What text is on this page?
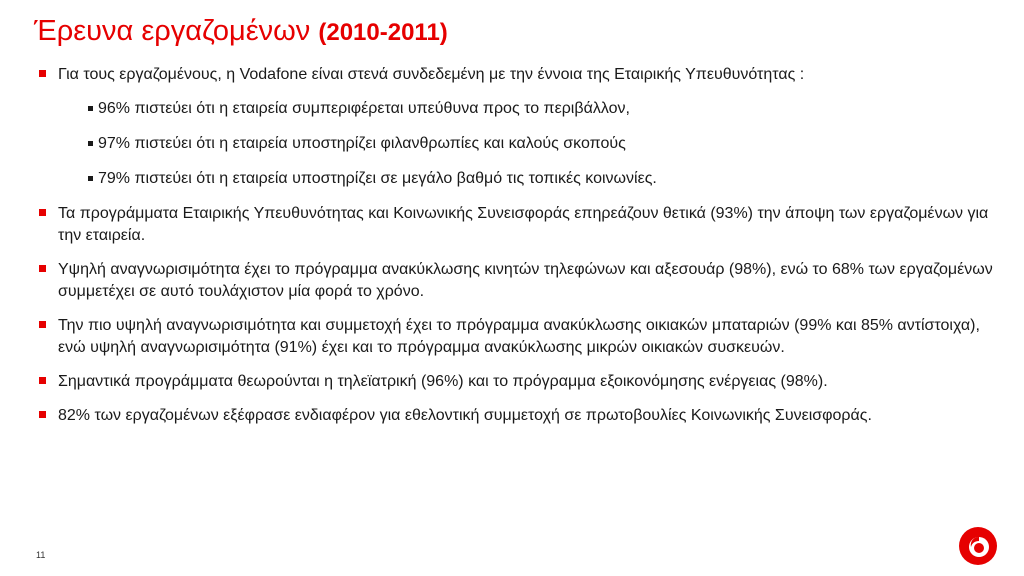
Έρευνα εργαζομένων (2010-2011)
Για τους εργαζομένους, η Vodafone είναι στενά συνδεδεμένη με την έννοια της Εταιρικής Υπευθυνότητας :
96% πιστεύει ότι η εταιρεία συμπεριφέρεται υπεύθυνα προς το περιβάλλον,
97% πιστεύει ότι η εταιρεία υποστηρίζει φιλανθρωπίες και καλούς σκοπούς
79% πιστεύει ότι η εταιρεία υποστηρίζει σε μεγάλο βαθμό τις τοπικές κοινωνίες.
Τα προγράμματα Εταιρικής Υπευθυνότητας και Κοινωνικής Συνεισφοράς επηρεάζουν θετικά (93%) την άποψη των εργαζομένων για την εταιρεία.
Υψηλή αναγνωρισιμότητα έχει το πρόγραμμα ανακύκλωσης κινητών τηλεφώνων και αξεσουάρ (98%), ενώ το 68% των εργαζομένων συμμετέχει σε αυτό τουλάχιστον μία φορά το χρόνο.
Την πιο υψηλή αναγνωρισιμότητα και συμμετοχή έχει το πρόγραμμα ανακύκλωσης οικιακών μπαταριών (99% και 85% αντίστοιχα), ενώ υψηλή αναγνωρισιμότητα (91%) έχει και το πρόγραμμα ανακύκλωσης μικρών οικιακών συσκευών.
Σημαντικά προγράμματα θεωρούνται η τηλεϊατρική (96%) και το πρόγραμμα εξοικονόμησης ενέργειας (98%).
82% των εργαζομένων εξέφρασε ενδιαφέρον για εθελοντική συμμετοχή σε πρωτοβουλίες Κοινωνικής Συνεισφοράς.
11
